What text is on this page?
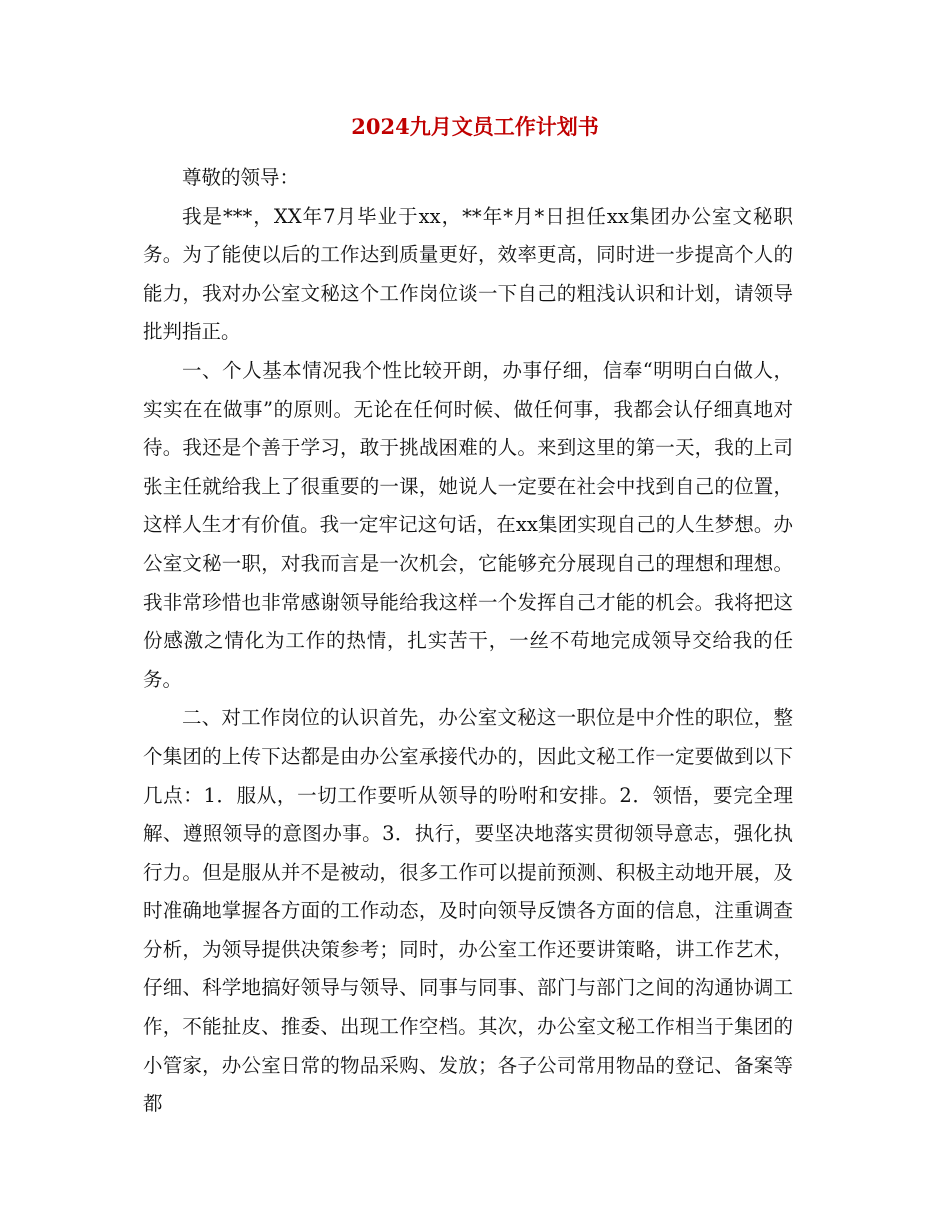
2024九月文员工作计划书

尊敬的领导：

我是***，XX年7月毕业于xx，**年*月*日担任xx集团办公室文秘职务。为了能使以后的工作达到质量更好，效率更高，同时进一步提高个人的能力，我对办公室文秘这个工作岗位谈一下自己的粗浅认识和计划，请领导批判指正。

一、个人基本情况我个性比较开朗，办事仔细，信奉“明明白白做人，实实在在做事”的原则。无论在任何时候、做任何事，我都会认仔细真地对待。我还是个善于学习，敢于挑战困难的人。来到这里的第一天，我的上司张主任就给我上了很重要的一课，她说人一定要在社会中找到自己的位置，这样人生才有价值。我一定牢记这句话，在xx集团实现自己的人生梦想。办公室文秘一职，对我而言是一次机会，它能够充分展现自己的理想和理想。我非常珍惜也非常感谢领导能给我这样一个发挥自己才能的机会。我将把这份感激之情化为工作的热情，扎实苦干，一丝不苟地完成领导交给我的任务。

二、对工作岗位的认识首先，办公室文秘这一职位是中介性的职位，整个集团的上传下达都是由办公室承接代办的，因此文秘工作一定要做到以下几点：1．服从，一切工作要听从领导的吩咐和安排。2．领悟，要完全理解、遵照领导的意图办事。3．执行，要坚决地落实贯彻领导意志，强化执行力。但是服从并不是被动，很多工作可以提前预测、积极主动地开展，及时准确地掌握各方面的工作动态，及时向领导反馈各方面的信息，注重调查分析，为领导提供决策参考；同时，办公室工作还要讲策略，讲工作艺术，仔细、科学地搞好领导与领导、同事与同事、部门与部门之间的沟通协调工作，不能扯皮、推委、出现工作空档。其次，办公室文秘工作相当于集团的小管家，办公室日常的物品采购、发放；各子公司常用物品的登记、备案等都
